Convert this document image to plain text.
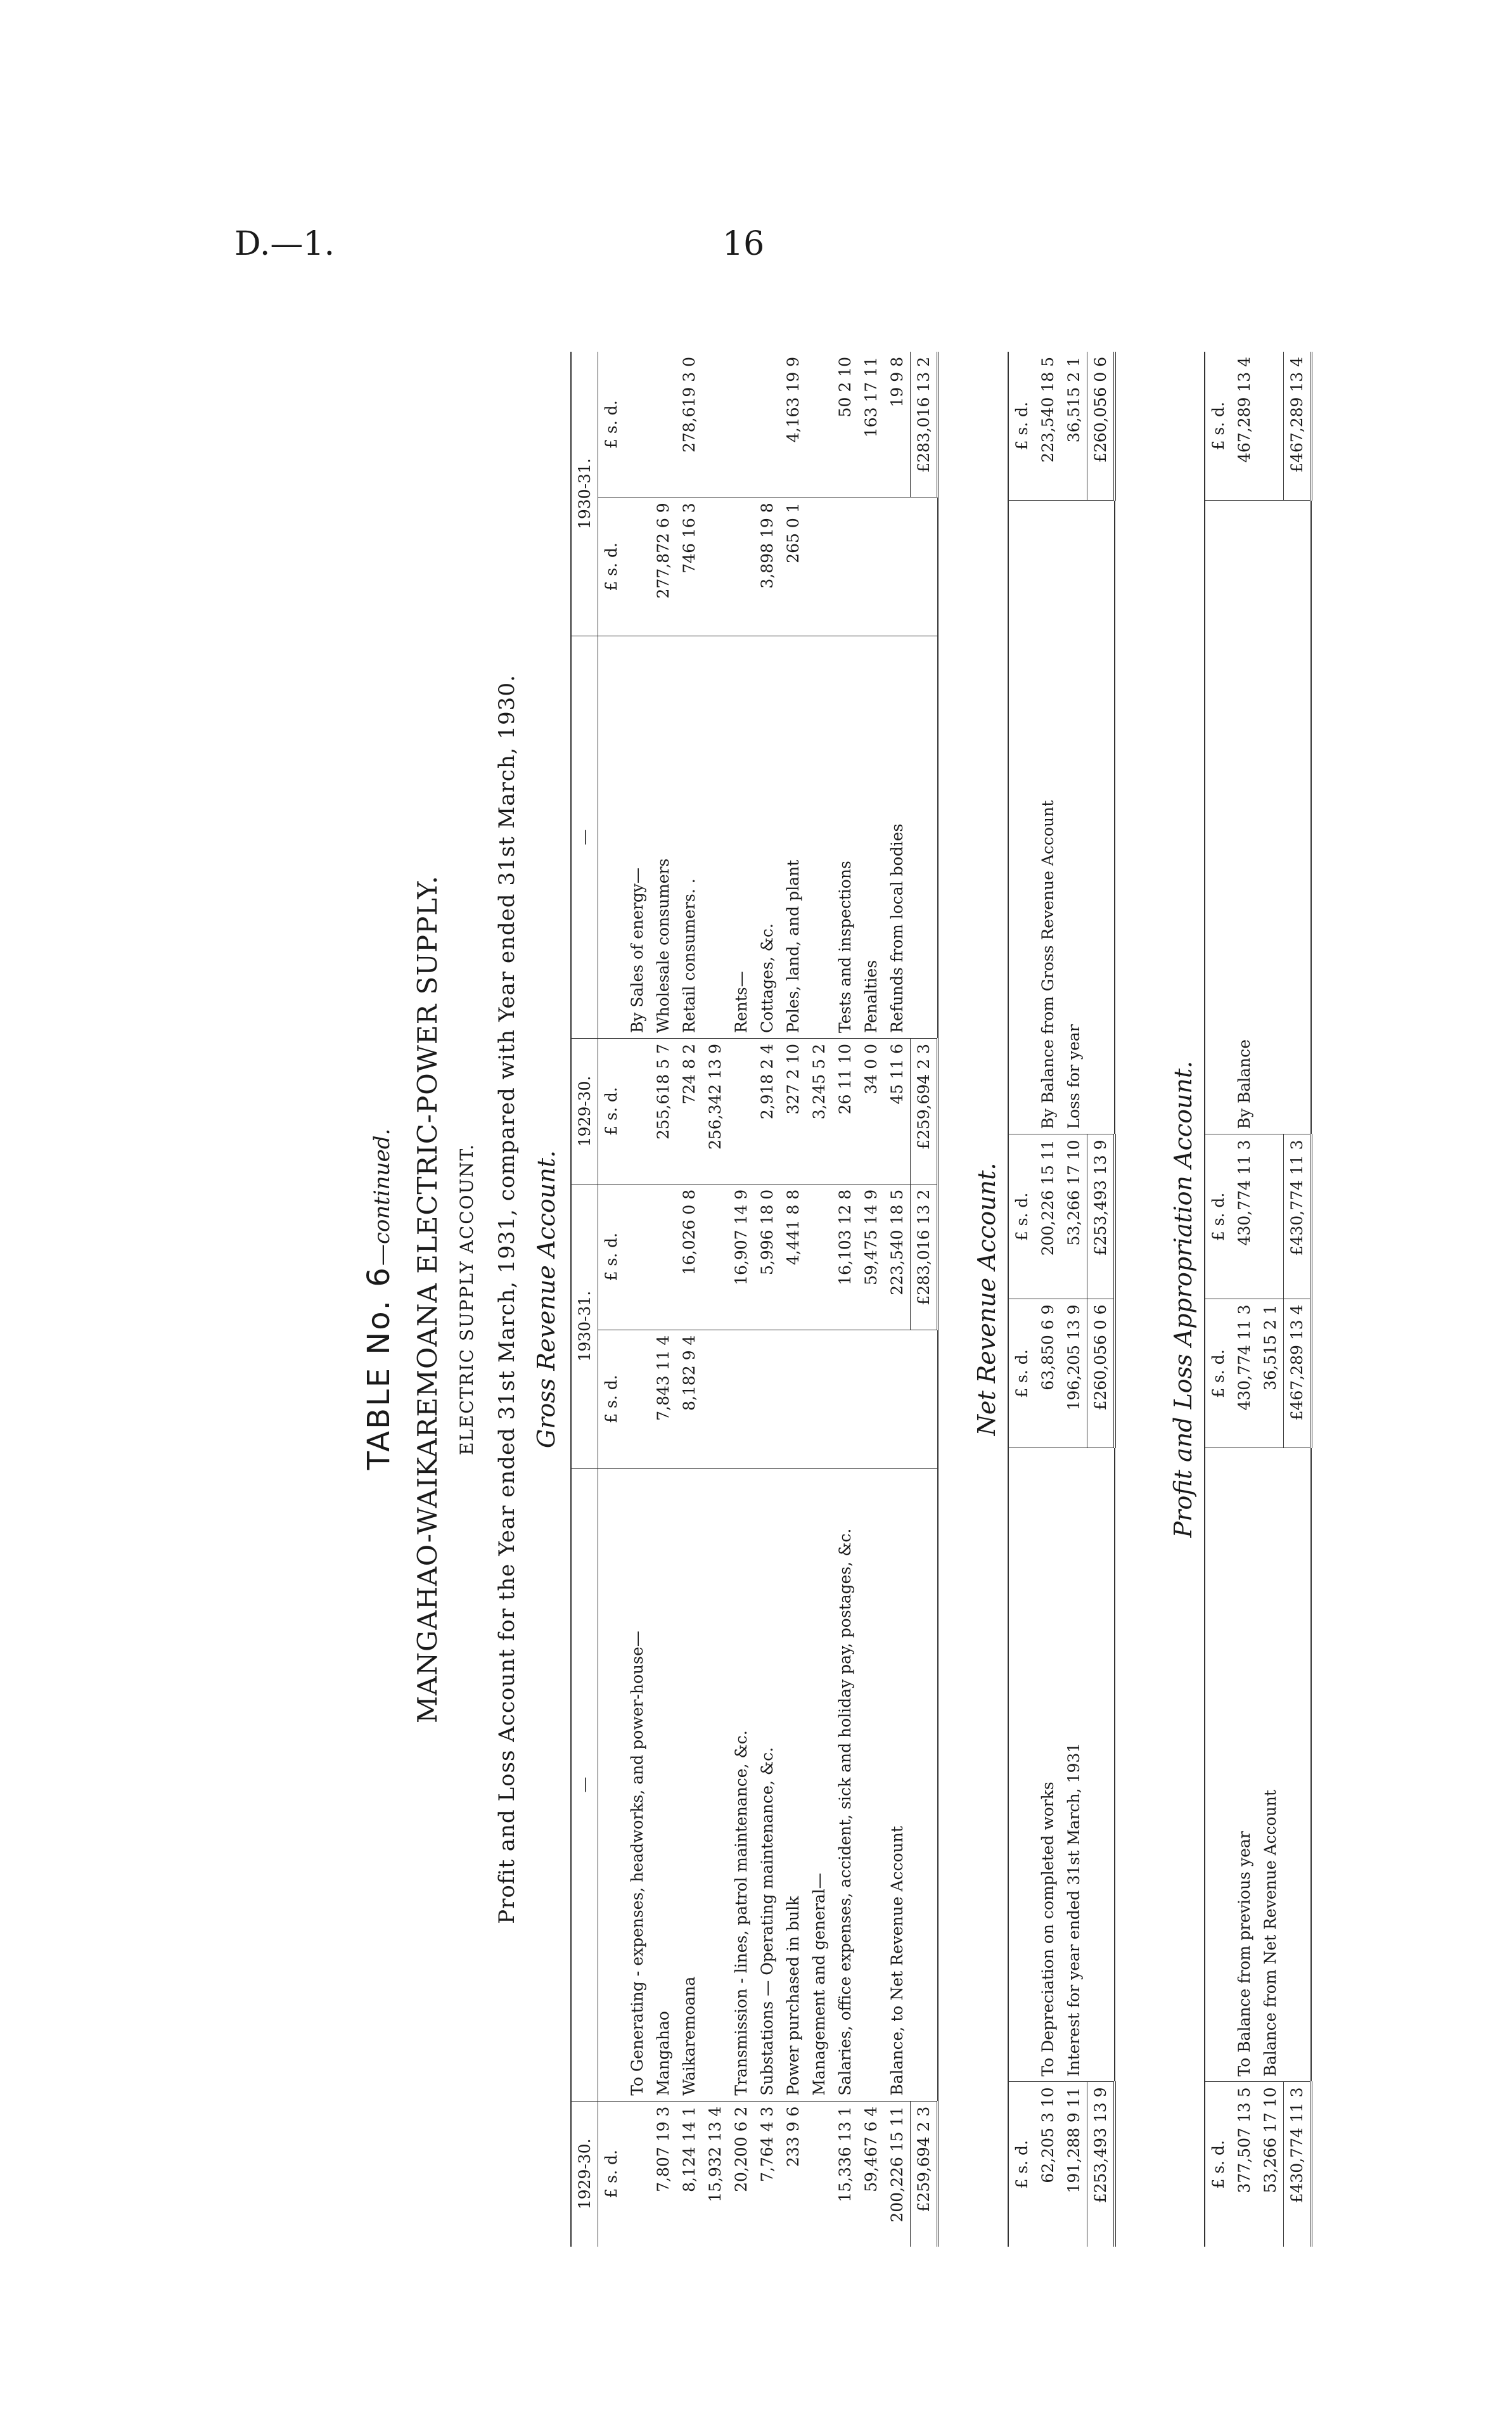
D.—1.	16
TABLE No. 6—continued. MANGAHAO-WAIKAREMOANA ELECTRIC-POWER SUPPLY. ELECTRIC SUPPLY ACCOUNT. Profit and Loss Account for the Year ended 31st March, 1931, compared with Year ended 31st March, 1930. Gross Revenue Account.
1929-30.	—	1930-31.		1929-30.	—	1930-31.	
£ s. d.		£ s. d.	£ s. d.	£ s. d.		£ s. d.	£ s. d.
	To Generating - expenses, headworks, and power-house—				By Sales of energy—		
7,807 19 3	Mangahao	7,843 11 4		255,618 5 7	Wholesale consumers	277,872 6 9	
8,124 14 1	Waikaremoana	8,182 9 4	16,026 0 8	724 8 2	Retail consumers. .	746 16 3	278,619 3 0
15,932 13 4				256,342 13 9			
20,200 6 2	Transmission - lines, patrol maintenance, &c.		16,907 14 9		Rents—		
7,764 4 3	Substations — Operating maintenance, &c.		5,996 18 0	2,918 2 4	Cottages, &c.	3,898 19 8	
233 9 6	Power purchased in bulk		4,441 8 8	327 2 10	Poles, land, and plant	265 0 1	4,163 19 9
	Management and general—			3,245 5 2			
15,336 13 1	Salaries, office expenses, accident, sick and holiday pay, postages, &c.		16,103 12 8	26 11 10	Tests and inspections		50 2 10
59,467 6 4			59,475 14 9	34 0 0	Penalties		163 17 11
200,226 15 11	Balance, to Net Revenue Account		223,540 18 5	45 11 6	Refunds from local bodies		19 9 8
£259,694 2 3			£283,016 13 2	£259,694 2 3			£283,016 13 2
Net Revenue Account.
£ s. d.		£ s. d.	£ s. d.		£ s. d.
62,205 3 10	To Depreciation on completed works	63,850 6 9	200,226 15 11	By Balance from Gross Revenue Account	223,540 18 5
191,288 9 11	Interest for year ended 31st March, 1931	196,205 13 9	53,266 17 10	Loss for year	36,515 2 1
£253,493 13 9		£260,056 0 6	£253,493 13 9		£260,056 0 6
Profit and Loss Appropriation Account.
£ s. d.		£ s. d.	£ s. d.		£ s. d.
377,507 13 5	To Balance from previous year	430,774 11 3	430,774 11 3	By Balance	467,289 13 4
53,266 17 10	Balance from Net Revenue Account	36,515 2 1			
£430,774 11 3		£467,289 13 4	£430,774 11 3		£467,289 13 4
